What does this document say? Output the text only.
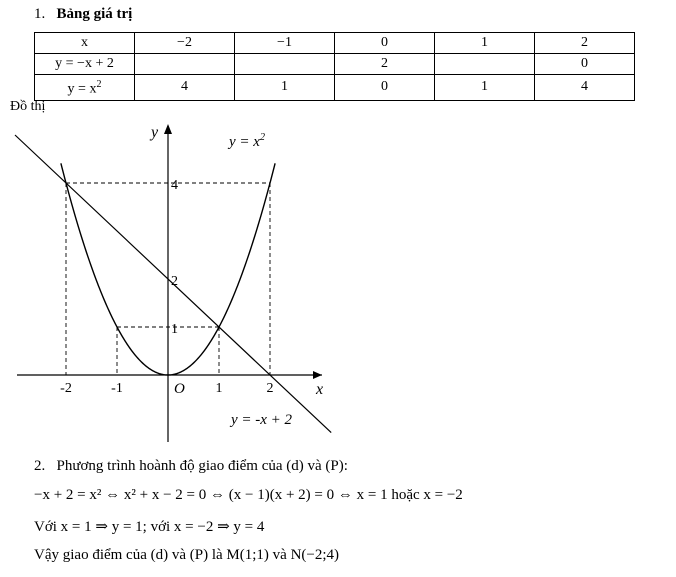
1. Bảng giá trị
x	−2	−1	0	1	2
y = −x + 2			2		0
$y = x^2$	4	1	0	1	4
Đồ thị
-2	-1	1	2
4
2
1
O	x
y
$y = x^2$
y = -x + 2
2. Phương trình hoành độ giao điểm của (d) và (P):
−x + 2 = x² ⇔ x² + x − 2 = 0 ⇔ (x − 1)(x + 2) = 0 ⇔ x = 1 hoặc x = −2
Với x = 1 ⇒ y = 1; với x = −2 ⇒ y = 4
Vậy giao điểm của (d) và (P) là M(1;1) và N(−2;4)
